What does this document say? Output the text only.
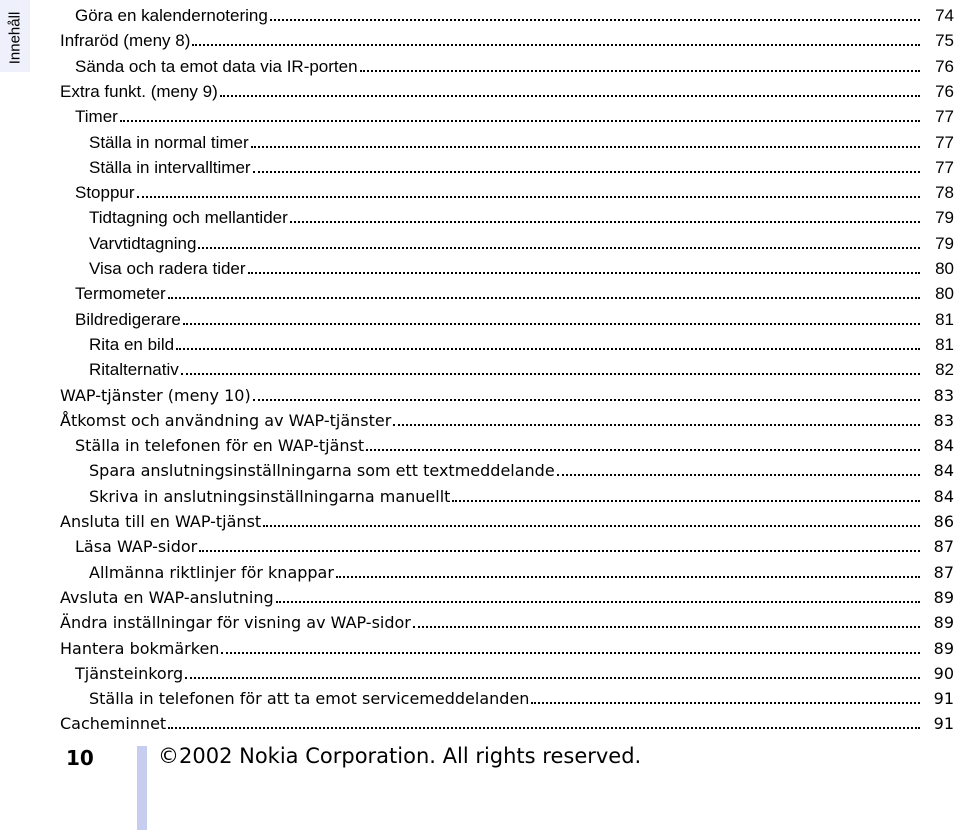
Innehåll	Göra en kalendernotering	74
Infraröd (meny 8)	75
Sända och ta emot data via IR-porten	76
Extra funkt. (meny 9)	76
Timer	77
Ställa in normal timer	77
Ställa in intervalltimer	77
Stoppur	78
Tidtagning och mellantider	79
Varvtidtagning	79
Visa och radera tider	80
Termometer	80
Bildredigerare	81
Rita en bild	81
Ritalternativ	82
WAP-tjänster (meny 10)	83
Åtkomst och användning av WAP-tjänster	83
Ställa in telefonen för en WAP-tjänst	84
Spara anslutningsinställningarna som ett textmeddelande	84
Skriva in anslutningsinställningarna manuellt	84
Ansluta till en WAP-tjänst	86
Läsa WAP-sidor	87
Allmänna riktlinjer för knappar	87
Avsluta en WAP-anslutning	89
Ändra inställningar för visning av WAP-sidor	89
Hantera bokmärken	89
Tjänsteinkorg	90
Ställa in telefonen för att ta emot servicemeddelanden	91
Cacheminnet	91
10	©2002 Nokia Corporation. All rights reserved.
